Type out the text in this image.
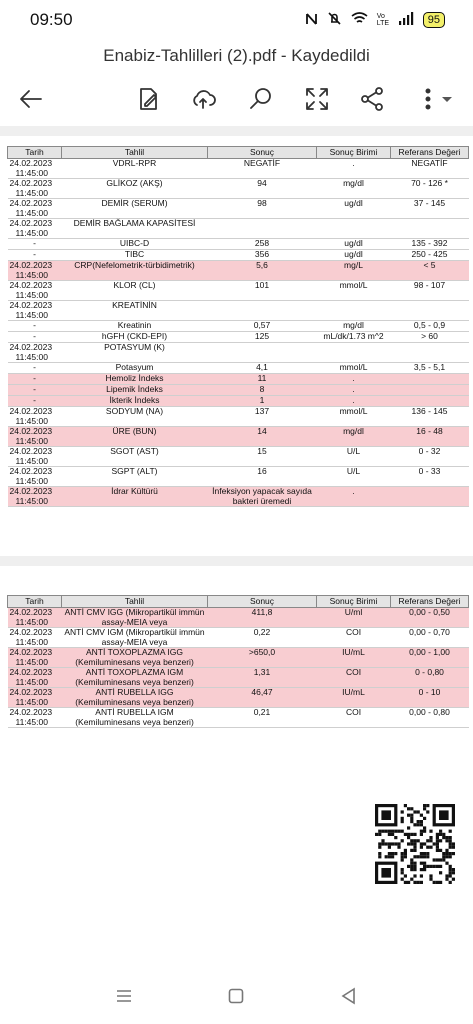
09:50	Vo LTE	95
Enabiz-Tahlilleri (2).pdf - Kaydedildi
Tarih	Tahlil	Sonuç	Sonuç Birimi	Referans Değeri
24.02.2023
11:45:00	VDRL-RPR	NEGATİF	.	NEGATİF
24.02.2023
11:45:00	GLİKOZ (AKŞ)	94	mg/dl	70 - 126 *
24.02.2023
11:45:00	DEMİR (SERUM)	98	ug/dl	37 - 145
24.02.2023
11:45:00	DEMİR BAĞLAMA KAPASİTESİ			
-	UIBC-D	258	ug/dl	135 - 392
-	TIBC	356	ug/dl	250 - 425
24.02.2023
11:45:00	CRP(Nefelometrik-türbidimetrik)	5,6	mg/L	< 5
24.02.2023
11:45:00	KLOR (CL)	101	mmol/L	98 - 107
24.02.2023
11:45:00	KREATİNİN			
-	Kreatinin	0,57	mg/dl	0,5 - 0,9
-	hGFH (CKD-EPI)	125	mL/dk/1.73 m^2	> 60
24.02.2023
11:45:00	POTASYUM (K)			
-	Potasyum	4,1	mmol/L	3,5 - 5,1
-	Hemoliz İndeks	11	.	
-	Lipemik İndeks	8	.	
-	İkterik İndeks	1	.	
24.02.2023
11:45:00	SODYUM (NA)	137	mmol/L	136 - 145
24.02.2023
11:45:00	ÜRE (BUN)	14	mg/dl	16 - 48
24.02.2023
11:45:00	SGOT (AST)	15	U/L	0 - 32
24.02.2023
11:45:00	SGPT (ALT)	16	U/L	0 - 33
24.02.2023
11:45:00	İdrar Kültürü	İnfeksiyon yapacak sayıda bakteri üremedi	.	
Tarih	Tahlil	Sonuç	Sonuç Birimi	Referans Değeri
24.02.2023
11:45:00	ANTİ CMV IGG (Mikropartikül immün assay-MEIA veya	411,8	U/ml	0,00 - 0,50
24.02.2023
11:45:00	ANTİ CMV IGM (Mikropartikül immün assay-MEIA veya	0,22	COI	0,00 - 0,70
24.02.2023
11:45:00	ANTİ TOXOPLAZMA IGG (Kemiluminesans veya benzeri)	>650,0	IU/mL	0,00 - 1,00
24.02.2023
11:45:00	ANTİ TOXOPLAZMA IGM (Kemiluminesans veya benzeri)	1,31	COI	0 - 0,80
24.02.2023
11:45:00	ANTİ RUBELLA IGG (Kemiluminesans veya benzeri)	46,47	IU/mL	0 - 10
24.02.2023
11:45:00	ANTİ RUBELLA IGM (Kemiluminesans veya benzeri)	0,21	COI	0,00 - 0,80
